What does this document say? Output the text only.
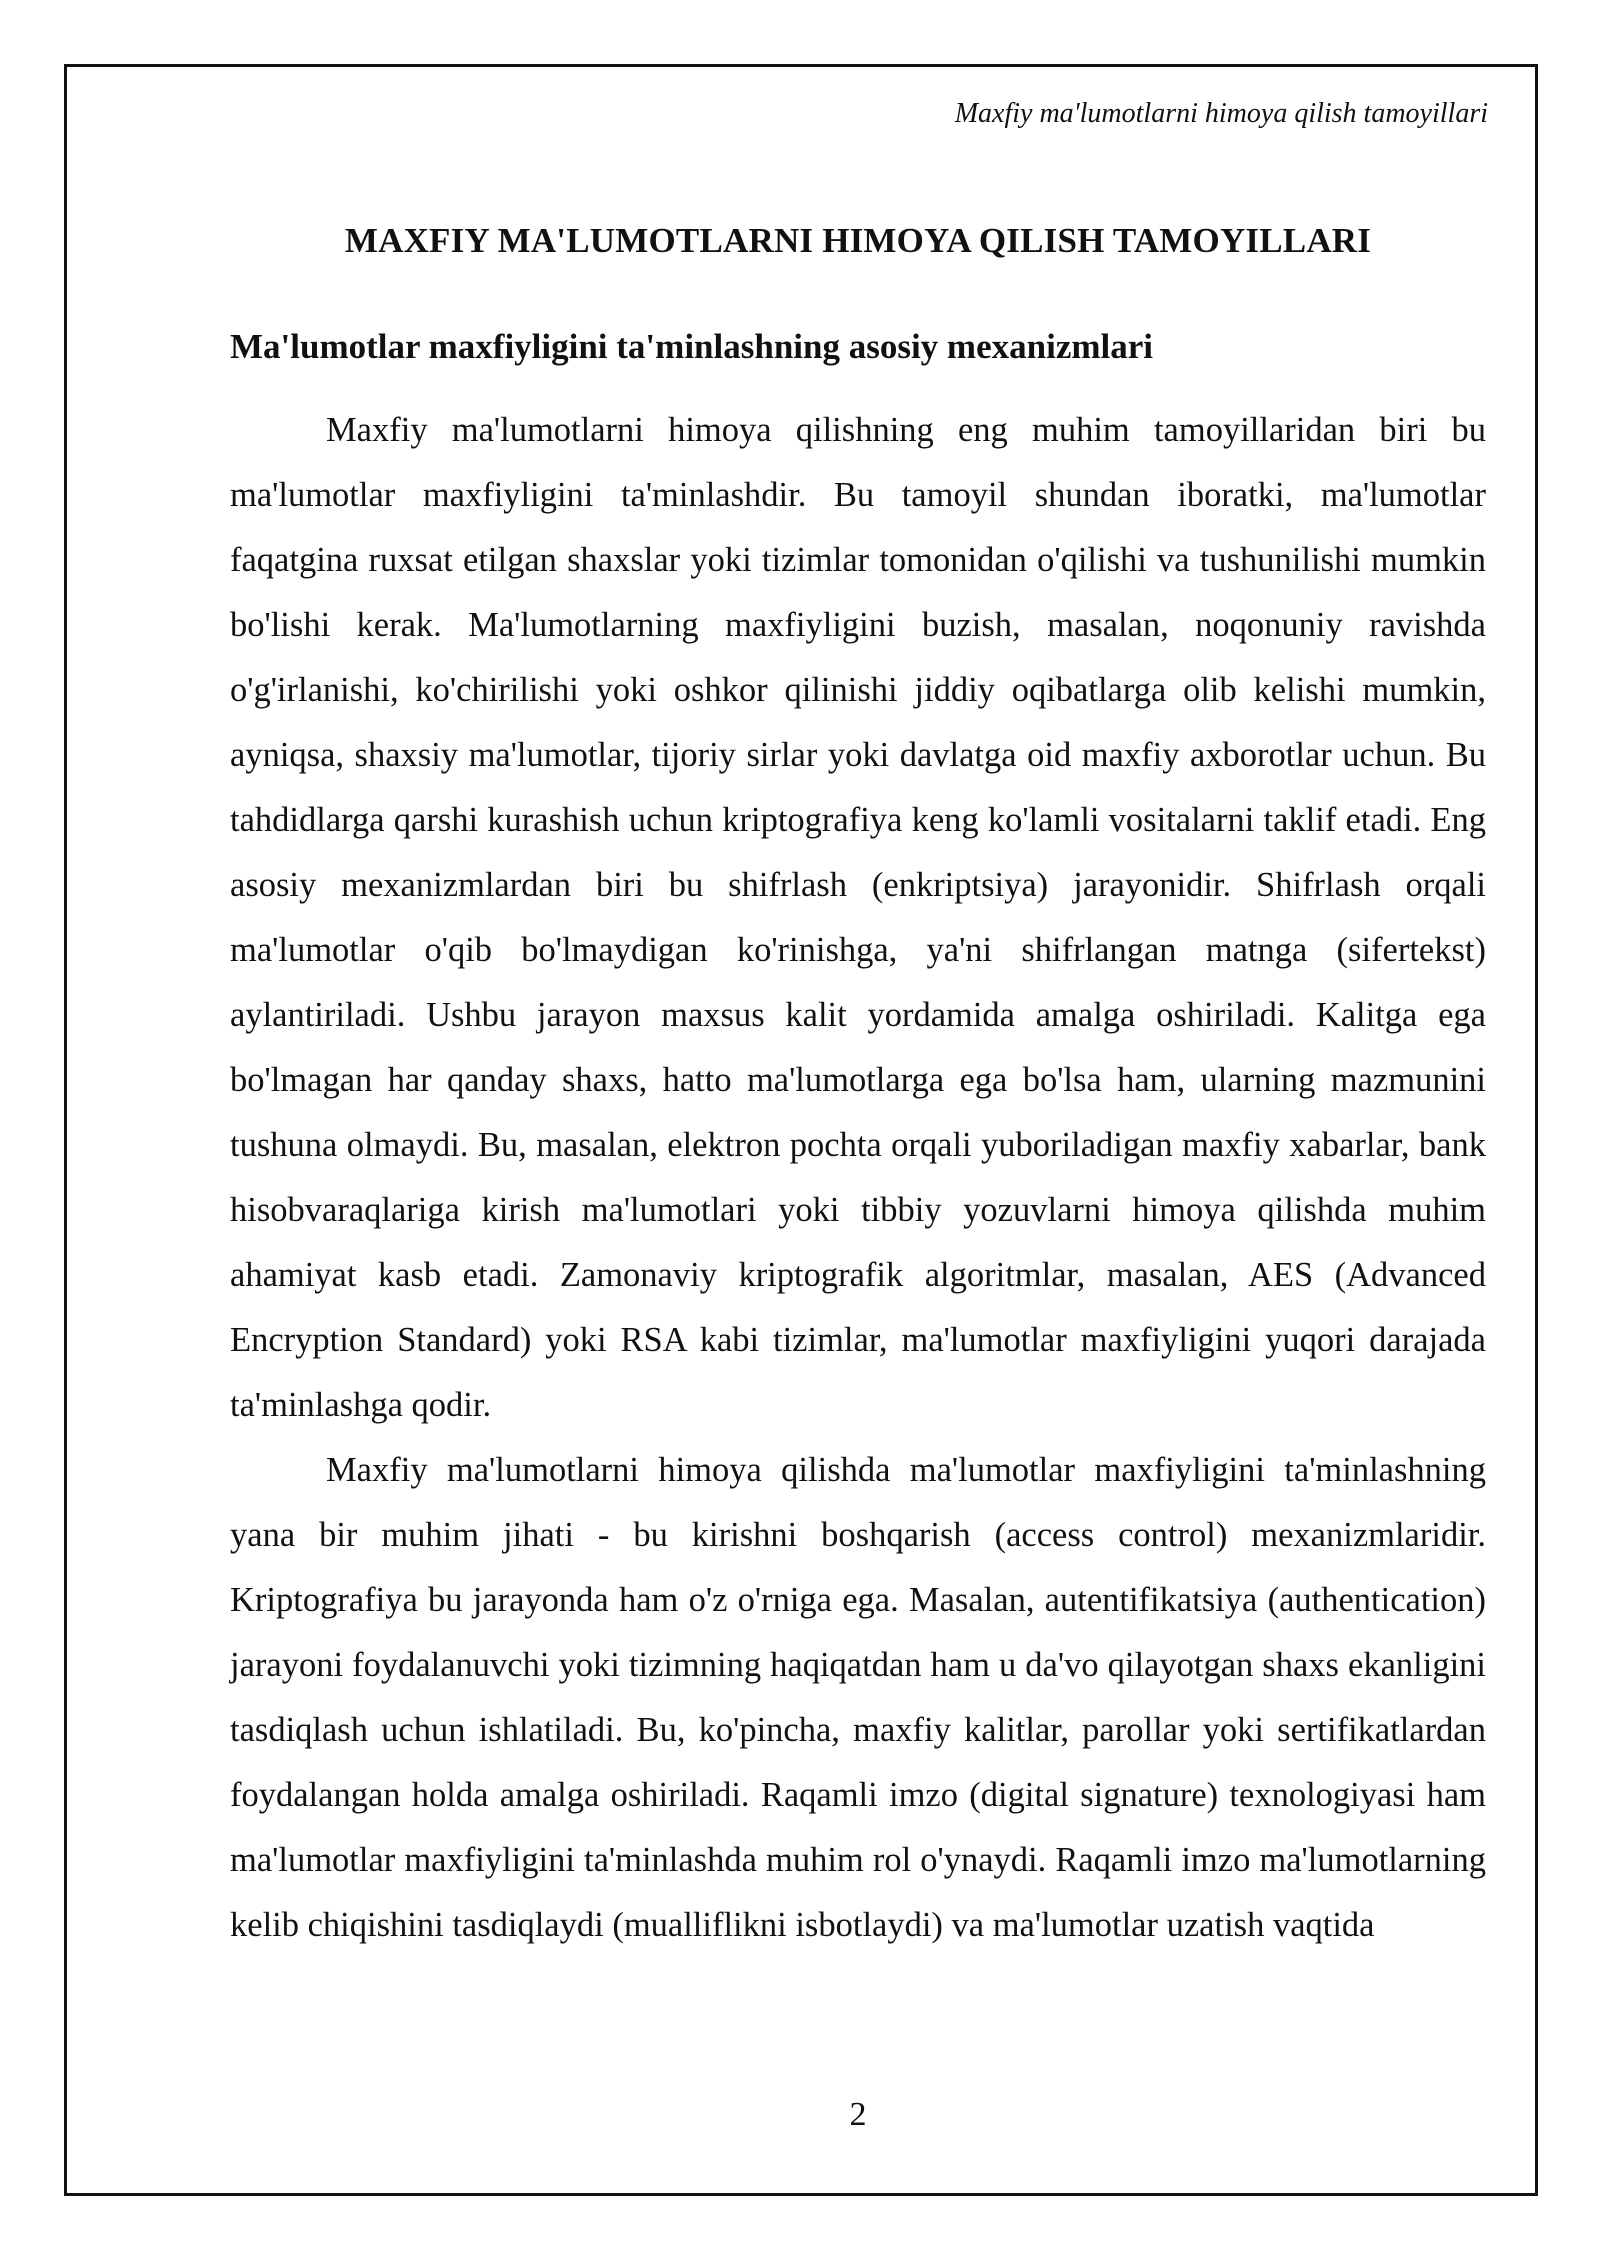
Maxfiy ma'lumotlarni himoya qilish tamoyillari
MAXFIY MA'LUMOTLARNI HIMOYA QILISH TAMOYILLARI
Ma'lumotlar maxfiyligini ta'minlashning asosiy mexanizmlari

Maxfiy ma'lumotlarni himoya qilishning eng muhim tamoyillaridan biri bu ma'lumotlar maxfiyligini ta'minlashdir. Bu tamoyil shundan iboratki, ma'lumotlar faqatgina ruxsat etilgan shaxslar yoki tizimlar tomonidan o'qilishi va tushunilishi mumkin bo'lishi kerak. Ma'lumotlarning maxfiyligini buzish, masalan, noqonuniy ravishda o'g'irlanishi, ko'chirilishi yoki oshkor qilinishi jiddiy oqibatlarga olib kelishi mumkin, ayniqsa, shaxsiy ma'lumotlar, tijoriy sirlar yoki davlatga oid maxfiy axborotlar uchun. Bu tahdidlarga qarshi kurashish uchun kriptografiya keng ko'lamli vositalarni taklif etadi. Eng asosiy mexanizmlardan biri bu shifrlash (enkriptsiya) jarayonidir. Shifrlash orqali ma'lumotlar o'qib bo'lmaydigan ko'rinishga, ya'ni shifrlangan matnga (sifertekst) aylantiriladi. Ushbu jarayon maxsus kalit yordamida amalga oshiriladi. Kalitga ega bo'lmagan har qanday shaxs, hatto ma'lumotlarga ega bo'lsa ham, ularning mazmunini tushuna olmaydi. Bu, masalan, elektron pochta orqali yuboriladigan maxfiy xabarlar, bank hisobvaraqlariga kirish ma'lumotlari yoki tibbiy yozuvlarni himoya qilishda muhim ahamiyat kasb etadi. Zamonaviy kriptografik algoritmlar, masalan, AES (Advanced Encryption Standard) yoki RSA kabi tizimlar, ma'lumotlar maxfiyligini yuqori darajada ta'minlashga qodir.

Maxfiy ma'lumotlarni himoya qilishda ma'lumotlar maxfiyligini ta'minlashning yana bir muhim jihati - bu kirishni boshqarish (access control) mexanizmlaridir. Kriptografiya bu jarayonda ham o'z o'rniga ega. Masalan, autentifikatsiya (authentication) jarayoni foydalanuvchi yoki tizimning haqiqatdan ham u da'vo qilayotgan shaxs ekanligini tasdiqlash uchun ishlatiladi. Bu, ko'pincha, maxfiy kalitlar, parollar yoki sertifikatlardan foydalangan holda amalga oshiriladi. Raqamli imzo (digital signature) texnologiyasi ham ma'lumotlar maxfiyligini ta'minlashda muhim rol o'ynaydi. Raqamli imzo ma'lumotlarning kelib chiqishini tasdiqlaydi (mualliflikni isbotlaydi) va ma'lumotlar uzatish vaqtida

2
